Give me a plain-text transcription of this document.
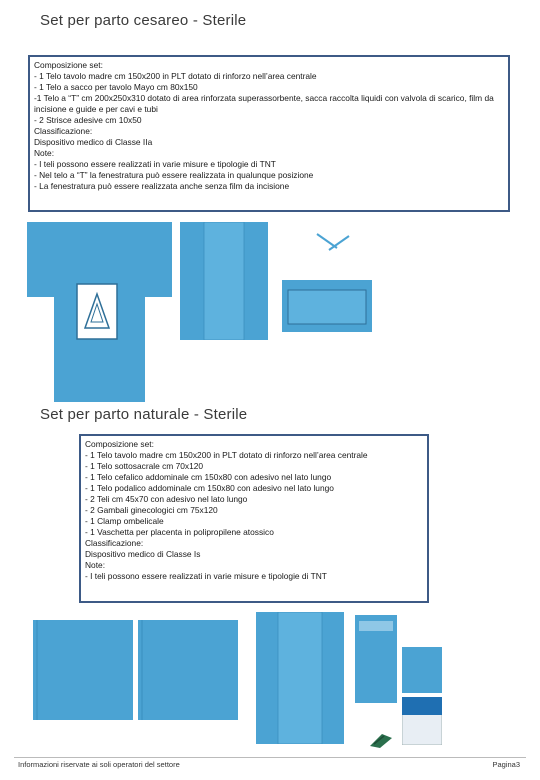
Set per parto cesareo - Sterile
Composizione set:
- 1 Telo tavolo madre cm 150x200 in PLT dotato di rinforzo nell’area centrale
- 1 Telo a sacco per tavolo Mayo cm 80x150
-1 Telo a “T” cm 200x250x310 dotato di area rinforzata superassorbente, sacca raccolta liquidi con valvola di scarico, film da incisione e guide e per cavi e tubi
- 2 Strisce adesive cm 10x50
Classificazione:
Dispositivo medico di Classe IIa
Note:
- I teli possono essere realizzati in varie misure e tipologie di TNT
- Nel telo a “T” la fenestratura può essere realizzata in qualunque posizione
- La fenestratura può essere realizzata anche senza film da incisione
Set per parto naturale - Sterile
Composizione set:
- 1 Telo tavolo madre cm 150x200 in PLT dotato di rinforzo nell’area centrale
- 1 Telo sottosacrale cm 70x120
- 1 Telo cefalico addominale cm 150x80 con adesivo nel lato lungo
- 1 Telo podalico addominale cm 150x80 con adesivo nel lato lungo
- 2 Teli cm 45x70 con adesivo nel lato lungo
- 2 Gambali ginecologici cm 75x120
- 1 Clamp ombelicale
- 1 Vaschetta per placenta in polipropilene atossico
Classificazione:
Dispositivo medico di Classe Is
Note:
- I teli possono essere realizzati in varie misure e tipologie di TNT
Informazioni riservate ai soli operatori del settore	Pagina3
